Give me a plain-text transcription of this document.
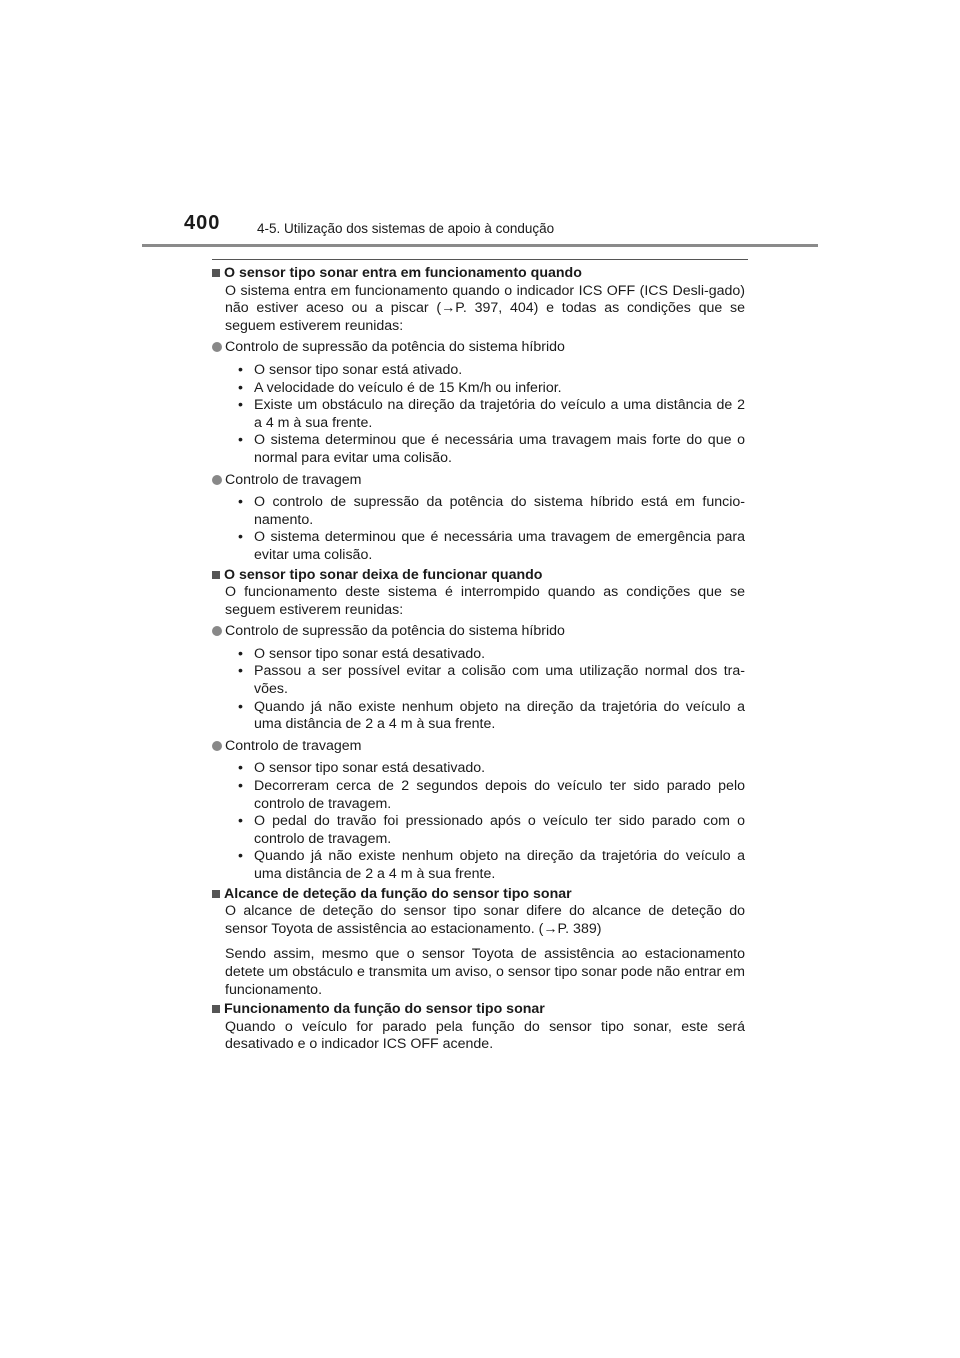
400	4-5. Utilização dos sistemas de apoio à condução
O sensor tipo sonar entra em funcionamento quando

O sistema entra em funcionamento quando o indicador ICS OFF (ICS Desli-gado) não estiver aceso ou a piscar (→P. 397, 404) e todas as condições que se seguem estiverem reunidas:

Controlo de supressão da potência do sistema híbrido
• O sensor tipo sonar está ativado.
• A velocidade do veículo é de 15 Km/h ou inferior.
• Existe um obstáculo na direção da trajetória do veículo a uma distância de 2 a 4 m à sua frente.
• O sistema determinou que é necessária uma travagem mais forte do que o normal para evitar uma colisão.
Controlo de travagem
• O controlo de supressão da potência do sistema híbrido está em funcio-namento.
• O sistema determinou que é necessária uma travagem de emergência para evitar uma colisão.
O sensor tipo sonar deixa de funcionar quando

O funcionamento deste sistema é interrompido quando as condições que se seguem estiverem reunidas:

Controlo de supressão da potência do sistema híbrido
• O sensor tipo sonar está desativado.
• Passou a ser possível evitar a colisão com uma utilização normal dos tra-vões.
• Quando já não existe nenhum objeto na direção da trajetória do veículo a uma distância de 2 a 4 m à sua frente.
Controlo de travagem
• O sensor tipo sonar está desativado.
• Decorreram cerca de 2 segundos depois do veículo ter sido parado pelo controlo de travagem.
• O pedal do travão foi pressionado após o veículo ter sido parado com o controlo de travagem.
• Quando já não existe nenhum objeto na direção da trajetória do veículo a uma distância de 2 a 4 m à sua frente.
Alcance de deteção da função do sensor tipo sonar

O alcance de deteção do sensor tipo sonar difere do alcance de deteção do sensor Toyota de assistência ao estacionamento. (→P. 389)

Sendo assim, mesmo que o sensor Toyota de assistência ao estacionamento detete um obstáculo e transmita um aviso, o sensor tipo sonar pode não entrar em funcionamento.

Funcionamento da função do sensor tipo sonar

Quando o veículo for parado pela função do sensor tipo sonar, este será desativado e o indicador ICS OFF acende.
